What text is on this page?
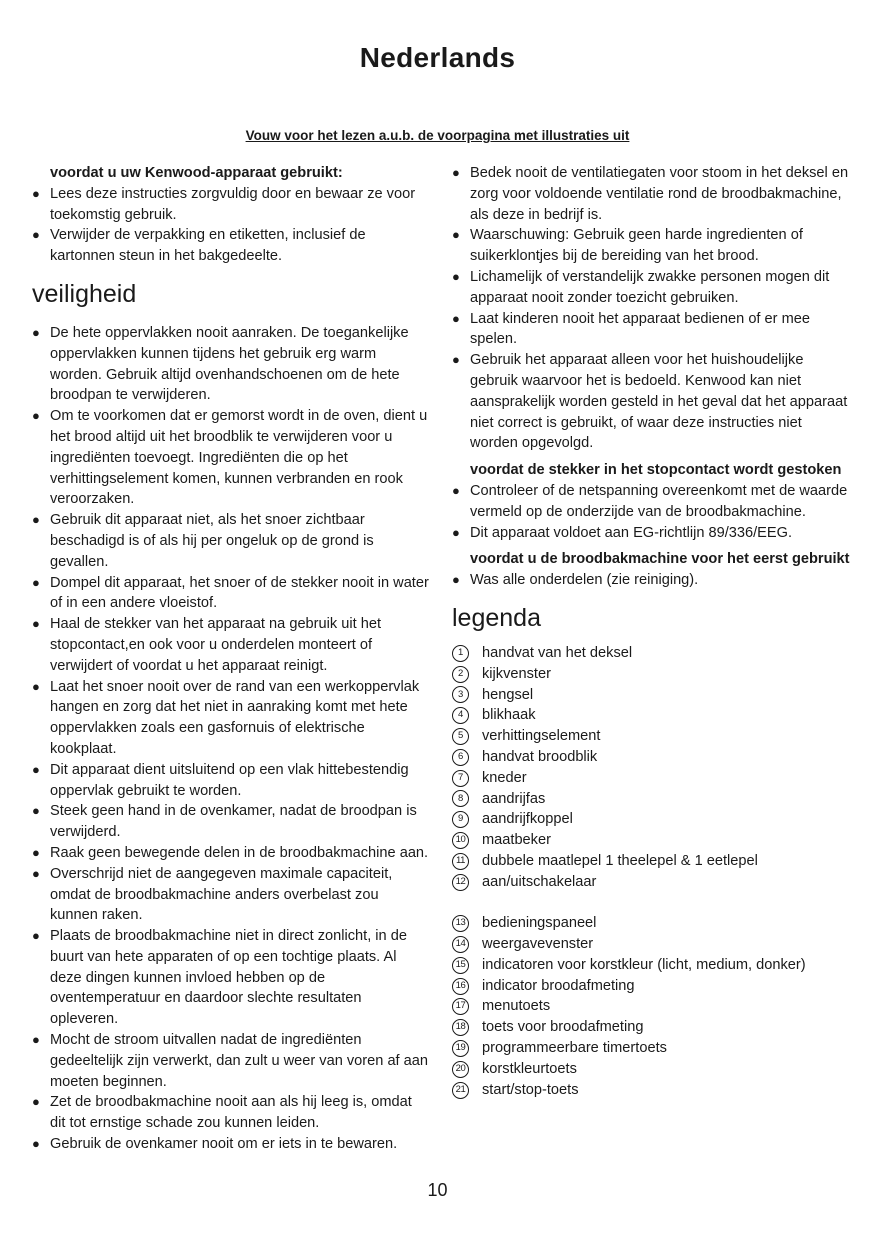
Nederlands
Vouw voor het lezen a.u.b. de voorpagina met illustraties uit

voordat u uw Kenwood-apparaat gebruikt:

● Lees deze instructies zorgvuldig door en bewaar ze voor toekomstig gebruik.
● Verwijder de verpakking en etiketten, inclusief de kartonnen steun in het bakgedeelte.
veiligheid
● De hete oppervlakken nooit aanraken. De toegankelijke oppervlakken kunnen tijdens het gebruik erg warm worden. Gebruik altijd ovenhandschoenen om de hete broodpan te verwijderen.
● Om te voorkomen dat er gemorst wordt in de oven, dient u het brood altijd uit het broodblik te verwijderen voor u ingrediënten toevoegt. Ingrediënten die op het verhittingselement komen, kunnen verbranden en rook veroorzaken.
● Gebruik dit apparaat niet, als het snoer zichtbaar beschadigd is of als hij per ongeluk op de grond is gevallen.
● Dompel dit apparaat, het snoer of de stekker nooit in water of in een andere vloeistof.
● Haal de stekker van het apparaat na gebruik uit het stopcontact,en ook voor u onderdelen monteert of verwijdert of voordat u het apparaat reinigt.
● Laat het snoer nooit over de rand van een werkoppervlak hangen en zorg dat het niet in aanraking komt met hete oppervlakken zoals een gasfornuis of elektrische kookplaat.
● Dit apparaat dient uitsluitend op een vlak hittebestendig oppervlak gebruikt te worden.
● Steek geen hand in de ovenkamer, nadat de broodpan is verwijderd.
● Raak geen bewegende delen in de broodbakmachine aan.
● Overschrijd niet de aangegeven maximale capaciteit, omdat de broodbakmachine anders overbelast zou kunnen raken.
● Plaats de broodbakmachine niet in direct zonlicht, in de buurt van hete apparaten of op een tochtige plaats. Al deze dingen kunnen invloed hebben op de oventemperatuur en daardoor slechte resultaten opleveren.
● Mocht de stroom uitvallen nadat de ingrediënten gedeeltelijk zijn verwerkt, dan zult u weer van voren af aan moeten beginnen.
● Zet de broodbakmachine nooit aan als hij leeg is, omdat dit tot ernstige schade zou kunnen leiden.
● Gebruik de ovenkamer nooit om er iets in te bewaren.
● Bedek nooit de ventilatiegaten voor stoom in het deksel en zorg voor voldoende ventilatie rond de broodbakmachine, als deze in bedrijf is.
● Waarschuwing: Gebruik geen harde ingredienten of suikerklontjes bij de bereiding van het brood.
● Lichamelijk of verstandelijk zwakke personen mogen dit apparaat nooit zonder toezicht gebruiken.
● Laat kinderen nooit het apparaat bedienen of er mee spelen.
● Gebruik het apparaat alleen voor het huishoudelijke gebruik waarvoor het is bedoeld. Kenwood kan niet aansprakelijk worden gesteld in het geval dat het apparaat niet correct is gebruikt, of waar deze instructies niet worden opgevolgd.

voordat de stekker in het stopcontact wordt gestoken

● Controleer of de netspanning overeenkomt met de waarde vermeld op de onderzijde van de broodbakmachine.
● Dit apparaat voldoet aan EG-richtlijn 89/336/EEG.

voordat u de broodbakmachine voor het eerst gebruikt

● Was alle onderdelen (zie reiniging).
legenda
1	handvat van het deksel
2	kijkvenster
3	hengsel
4	blikhaak
5	verhittingselement
6	handvat broodblik
7	kneder
8	aandrijfas
9	aandrijfkoppel
10 maatbeker
11 dubbele maatlepel 1 theelepel & 1 eetlepel
12 aan/uitschakelaar
13 bedieningspaneel
14 weergavevenster
15 indicatoren voor korstkleur (licht, medium, donker)
16 indicator broodafmeting
17 menutoets
18 toets voor broodafmeting
19 programmeerbare timertoets
20 korstkleurtoets
21 start/stop-toets
10
